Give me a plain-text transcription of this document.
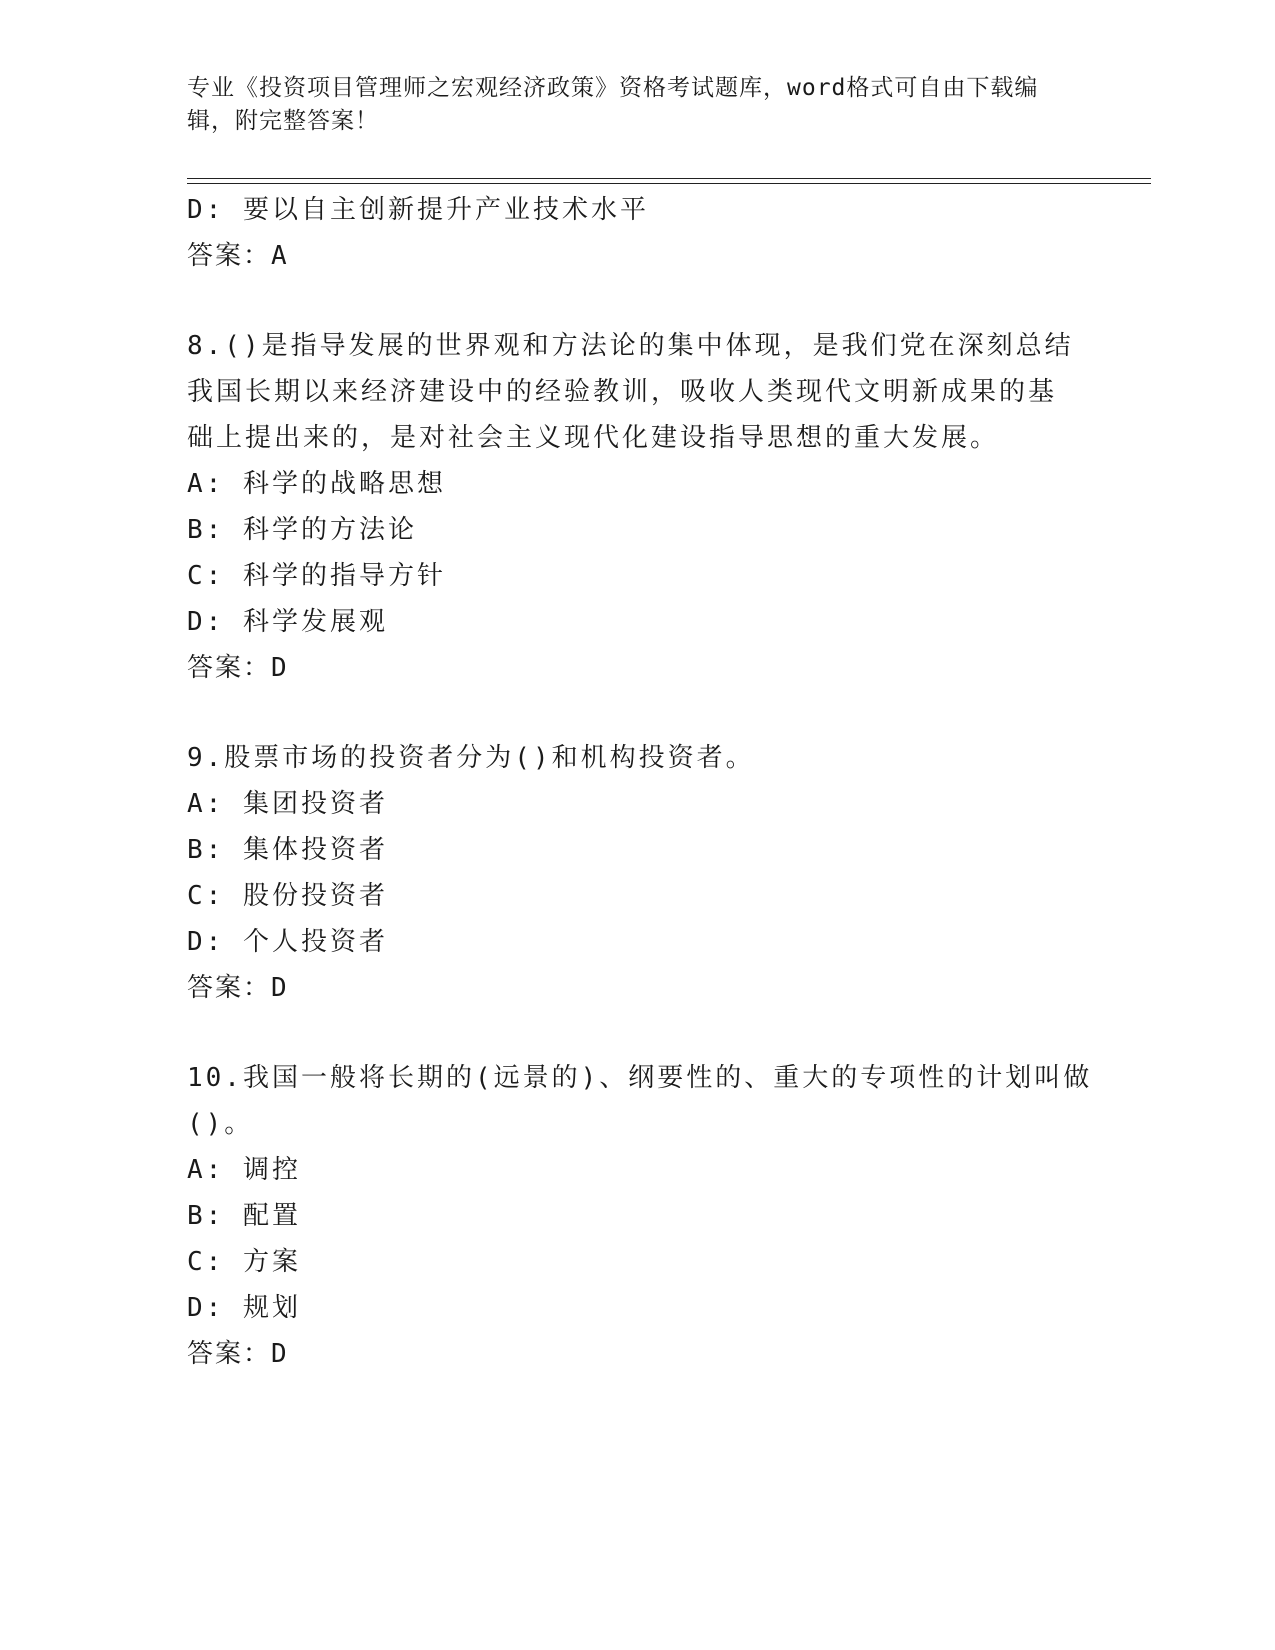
专业《投资项目管理师之宏观经济政策》资格考试题库，word格式可自由下载编
辑，附完整答案！
D: 要以自主创新提升产业技术水平
答案：A
8.()是指导发展的世界观和方法论的集中体现，是我们党在深刻总结
我国长期以来经济建设中的经验教训，吸收人类现代文明新成果的基
础上提出来的，是对社会主义现代化建设指导思想的重大发展。
A: 科学的战略思想
B: 科学的方法论
C: 科学的指导方针
D: 科学发展观
答案：D
9.股票市场的投资者分为()和机构投资者。
A: 集团投资者
B: 集体投资者
C: 股份投资者
D: 个人投资者
答案：D
10.我国一般将长期的(远景的)、纲要性的、重大的专项性的计划叫做
()。
A: 调控
B: 配置
C: 方案
D: 规划
答案：D
